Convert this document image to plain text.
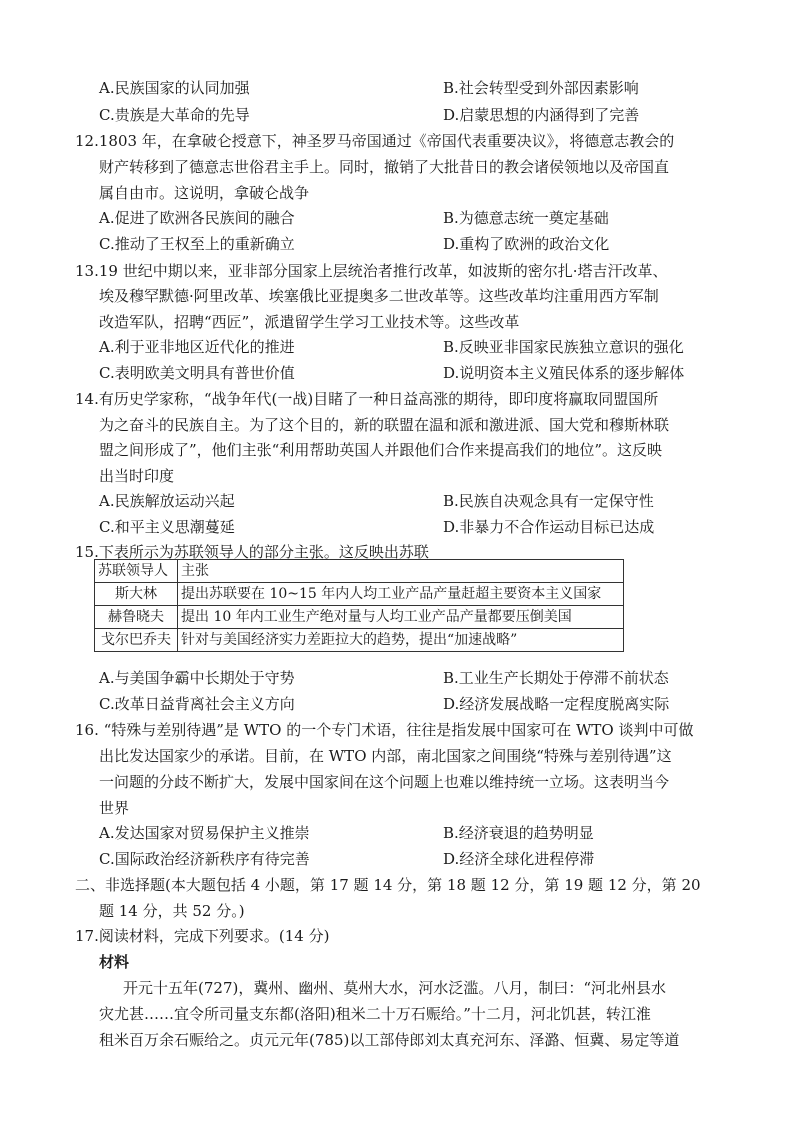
A.民族国家的认同加强	B.社会转型受到外部因素影响
C.贵族是大革命的先导	D.启蒙思想的内涵得到了完善
12.1803 年，在拿破仑授意下，神圣罗马帝国通过《帝国代表重要决议》，将德意志教会的
财产转移到了德意志世俗君主手上。同时，撤销了大批昔日的教会诸侯领地以及帝国直
属自由市。这说明，拿破仑战争
A.促进了欧洲各民族间的融合	B.为德意志统一奠定基础
C.推动了王权至上的重新确立	D.重构了欧洲的政治文化
13.19 世纪中期以来，亚非部分国家上层统治者推行改革，如波斯的密尔扎·塔吉汗改革、
埃及穆罕默德·阿里改革、埃塞俄比亚提奥多二世改革等。这些改革均注重用西方军制
改造军队，招聘“西匠”，派遣留学生学习工业技术等。这些改革
A.利于亚非地区近代化的推进	B.反映亚非国家民族独立意识的强化
C.表明欧美文明具有普世价值	D.说明资本主义殖民体系的逐步解体
14.有历史学家称，“战争年代(一战)目睹了一种日益高涨的期待，即印度将赢取同盟国所
为之奋斗的民族自主。为了这个目的，新的联盟在温和派和激进派、国大党和穆斯林联
盟之间形成了”，他们主张“利用帮助英国人并跟他们合作来提高我们的地位”。这反映
出当时印度
A.民族解放运动兴起	B.民族自决观念具有一定保守性
C.和平主义思潮蔓延	D.非暴力不合作运动目标已达成
15.下表所示为苏联领导人的部分主张。这反映出苏联
苏联领导人	主张
斯大林	提出苏联要在 10~15 年内人均工业产品产量赶超主要资本主义国家
赫鲁晓夫	提出 10 年内工业生产绝对量与人均工业产品产量都要压倒美国
戈尔巴乔夫	针对与美国经济实力差距拉大的趋势，提出“加速战略”
A.与美国争霸中长期处于守势	B.工业生产长期处于停滞不前状态
C.改革日益背离社会主义方向	D.经济发展战略一定程度脱离实际
16. “特殊与差别待遇”是 WTO 的一个专门术语，往往是指发展中国家可在 WTO 谈判中可做
出比发达国家少的承诺。目前，在 WTO 内部，南北国家之间围绕“特殊与差别待遇”这
一问题的分歧不断扩大，发展中国家间在这个问题上也难以维持统一立场。这表明当今
世界
A.发达国家对贸易保护主义推崇	B.经济衰退的趋势明显
C.国际政治经济新秩序有待完善	D.经济全球化进程停滞
二、非选择题(本大题包括 4 小题，第 17 题 14 分，第 18 题 12 分，第 19 题 12 分，第 20
题 14 分，共 52 分。)
17.阅读材料，完成下列要求。(14 分)
材料
开元十五年(727)，冀州、幽州、莫州大水，河水泛滥。八月，制曰：“河北州县水
灾尤甚……宜令所司量支东都(洛阳)租米二十万石赈给。”十二月，河北饥甚，转江淮
租米百万余石赈给之。贞元元年(785)以工部侍郎刘太真充河东、泽潞、恒冀、易定等道
